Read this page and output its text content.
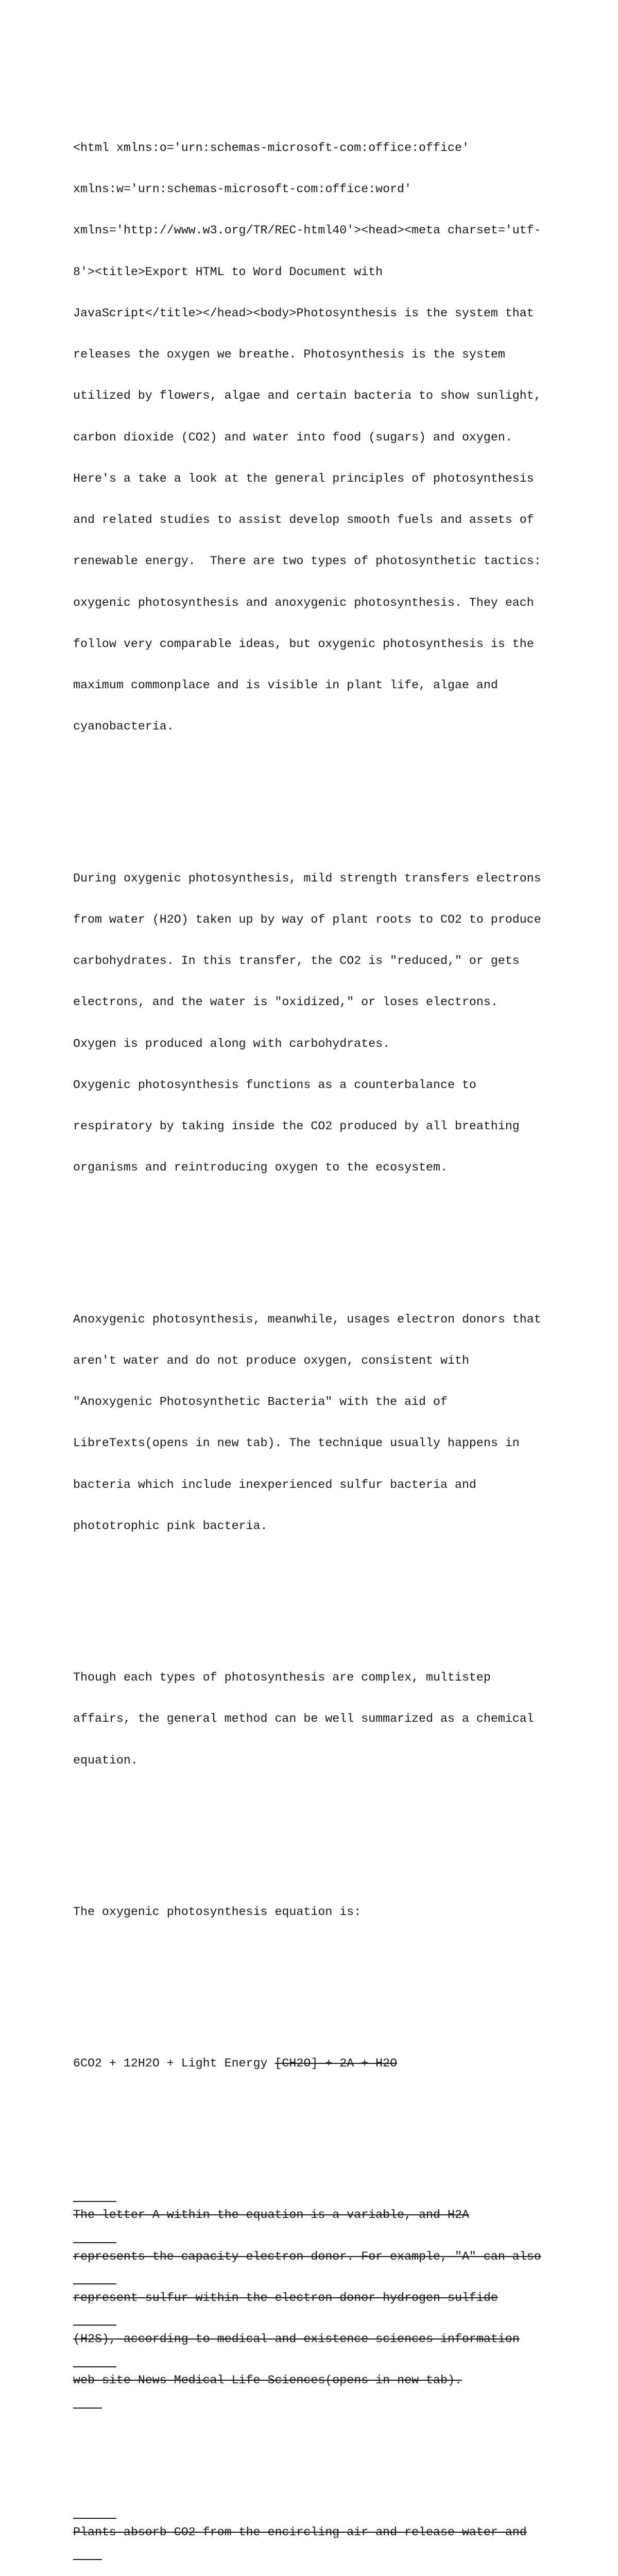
<html xmlns:o='urn:schemas-microsoft-com:office:office'

xmlns:w='urn:schemas-microsoft-com:office:word'

xmlns='http://www.w3.org/TR/REC-html40'><head><meta charset='utf-

8'><title>Export HTML to Word Document with

JavaScript</title></head><body>Photosynthesis is the system that

releases the oxygen we breathe. Photosynthesis is the system

utilized by flowers, algae and certain bacteria to show sunlight,

carbon dioxide (CO2) and water into food (sugars) and oxygen.

Here's a take a look at the general principles of photosynthesis

and related studies to assist develop smooth fuels and assets of

renewable energy.  There are two types of photosynthetic tactics:

oxygenic photosynthesis and anoxygenic photosynthesis. They each

follow very comparable ideas, but oxygenic photosynthesis is the

maximum commonplace and is visible in plant life, algae and

cyanobacteria.

During oxygenic photosynthesis, mild strength transfers electrons

from water (H2O) taken up by way of plant roots to CO2 to produce

carbohydrates. In this transfer, the CO2 is "reduced," or gets

electrons, and the water is "oxidized," or loses electrons.

Oxygen is produced along with carbohydrates.

Oxygenic photosynthesis functions as a counterbalance to

respiratory by taking inside the CO2 produced by all breathing

organisms and reintroducing oxygen to the ecosystem.

Anoxygenic photosynthesis, meanwhile, usages electron donors that

aren't water and do not produce oxygen, consistent with

"Anoxygenic Photosynthetic Bacteria" with the aid of

LibreTexts(opens in new tab). The technique usually happens in

bacteria which include inexperienced sulfur bacteria and

phototrophic pink bacteria.

Though each types of photosynthesis are complex, multistep

affairs, the general method can be well summarized as a chemical

equation.

The oxygenic photosynthesis equation is:

6CO2 + 12H2O + Light Energy [CH2O] + 2A + H2O

The letter A within the equation is a variable, and H2A

represents the capacity electron donor. For example, "A" can also

represent sulfur within the electron donor hydrogen sulfide

(H2S), according to medical and existence sciences information

web site News Medical Life Sciences(opens in new tab).

Plants absorb CO2 from the encircling air and release water and
